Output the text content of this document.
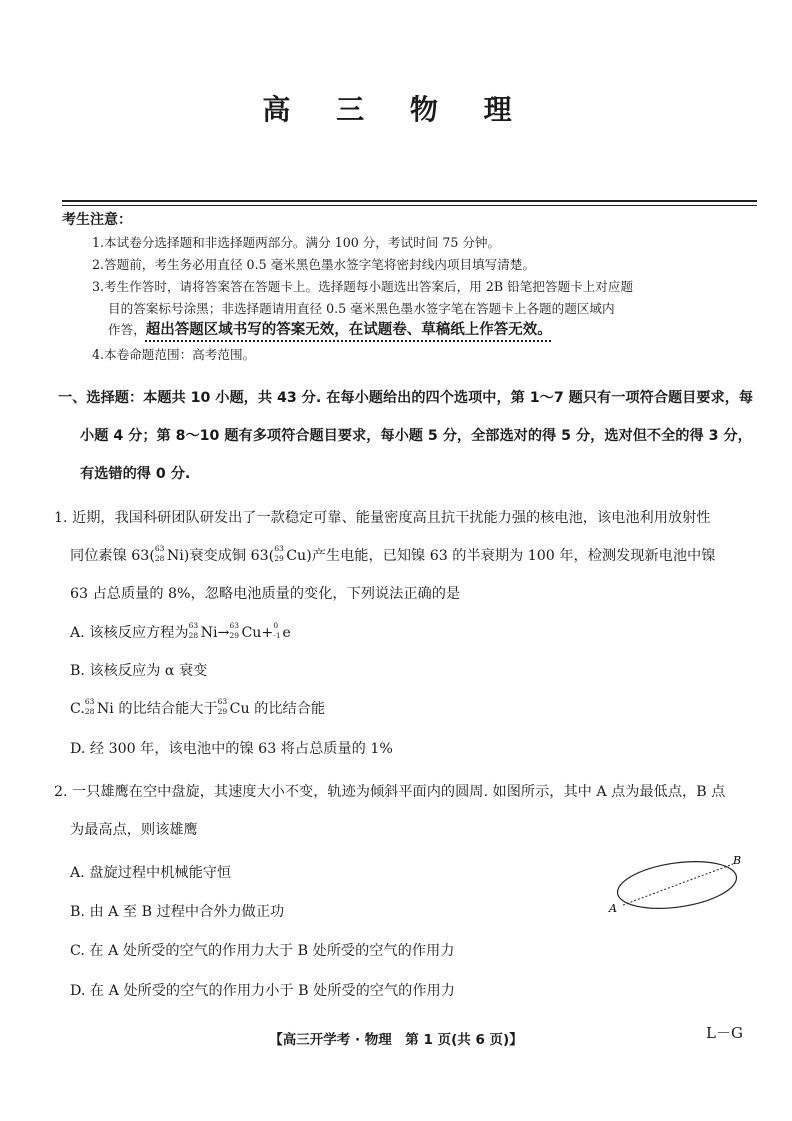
高 三 物 理
考生注意：
1.本试卷分选择题和非选择题两部分。满分 100 分，考试时间 75 分钟。
2.答题前，考生务必用直径 0.5 毫米黑色墨水签字笔将密封线内项目填写清楚。
3.考生作答时，请将答案答在答题卡上。选择题每小题选出答案后，用 2B 铅笔把答题卡上对应题
目的答案标号涂黑；非选择题请用直径 0.5 毫米黑色墨水签字笔在答题卡上各题的题区域内
作答，超出答题区域书写的答案无效，在试题卷、草稿纸上作答无效。
4.本卷命题范围：高考范围。
一、选择题：本题共 10 小题，共 43 分. 在每小题给出的四个选项中，第 1～7 题只有一项符合题目要求，每
小题 4 分；第 8～10 题有多项符合题目要求，每小题 5 分，全部选对的得 5 分，选对但不全的得 3 分，
有选错的得 0 分.
1. 近期，我国科研团队研发出了一款稳定可靠、能量密度高且抗干扰能力强的核电池，该电池利用放射性
同位素镍 63( 63
28 Ni)衰变成铜 63( 63
29 Cu)产生电能，已知镍 63 的半衰期为 100 年，检测发现新电池中镍
63 占总质量的 8%，忽略电池质量的变化，下列说法正确的是
A. 该核反应方程为 63
28 Ni→ 63
29 Cu+ 0
-1 e
B. 该核反应为 α 衰变
C. 63
28 Ni 的比结合能大于 63
29 Cu 的比结合能
D. 经 300 年，该电池中的镍 63 将占总质量的 1%
2. 一只雄鹰在空中盘旋，其速度大小不变，轨迹为倾斜平面内的圆周. 如图所示，其中 A 点为最低点，B 点
为最高点，则该雄鹰
A. 盘旋过程中机械能守恒
B. 由 A 至 B 过程中合外力做正功
C. 在 A 处所受的空气的作用力大于 B 处所受的空气的作用力
D. 在 A 处所受的空气的作用力小于 B 处所受的空气的作用力
A
B
【高三开学考 · 物理　第 1 页(共 6 页)】	L－G
